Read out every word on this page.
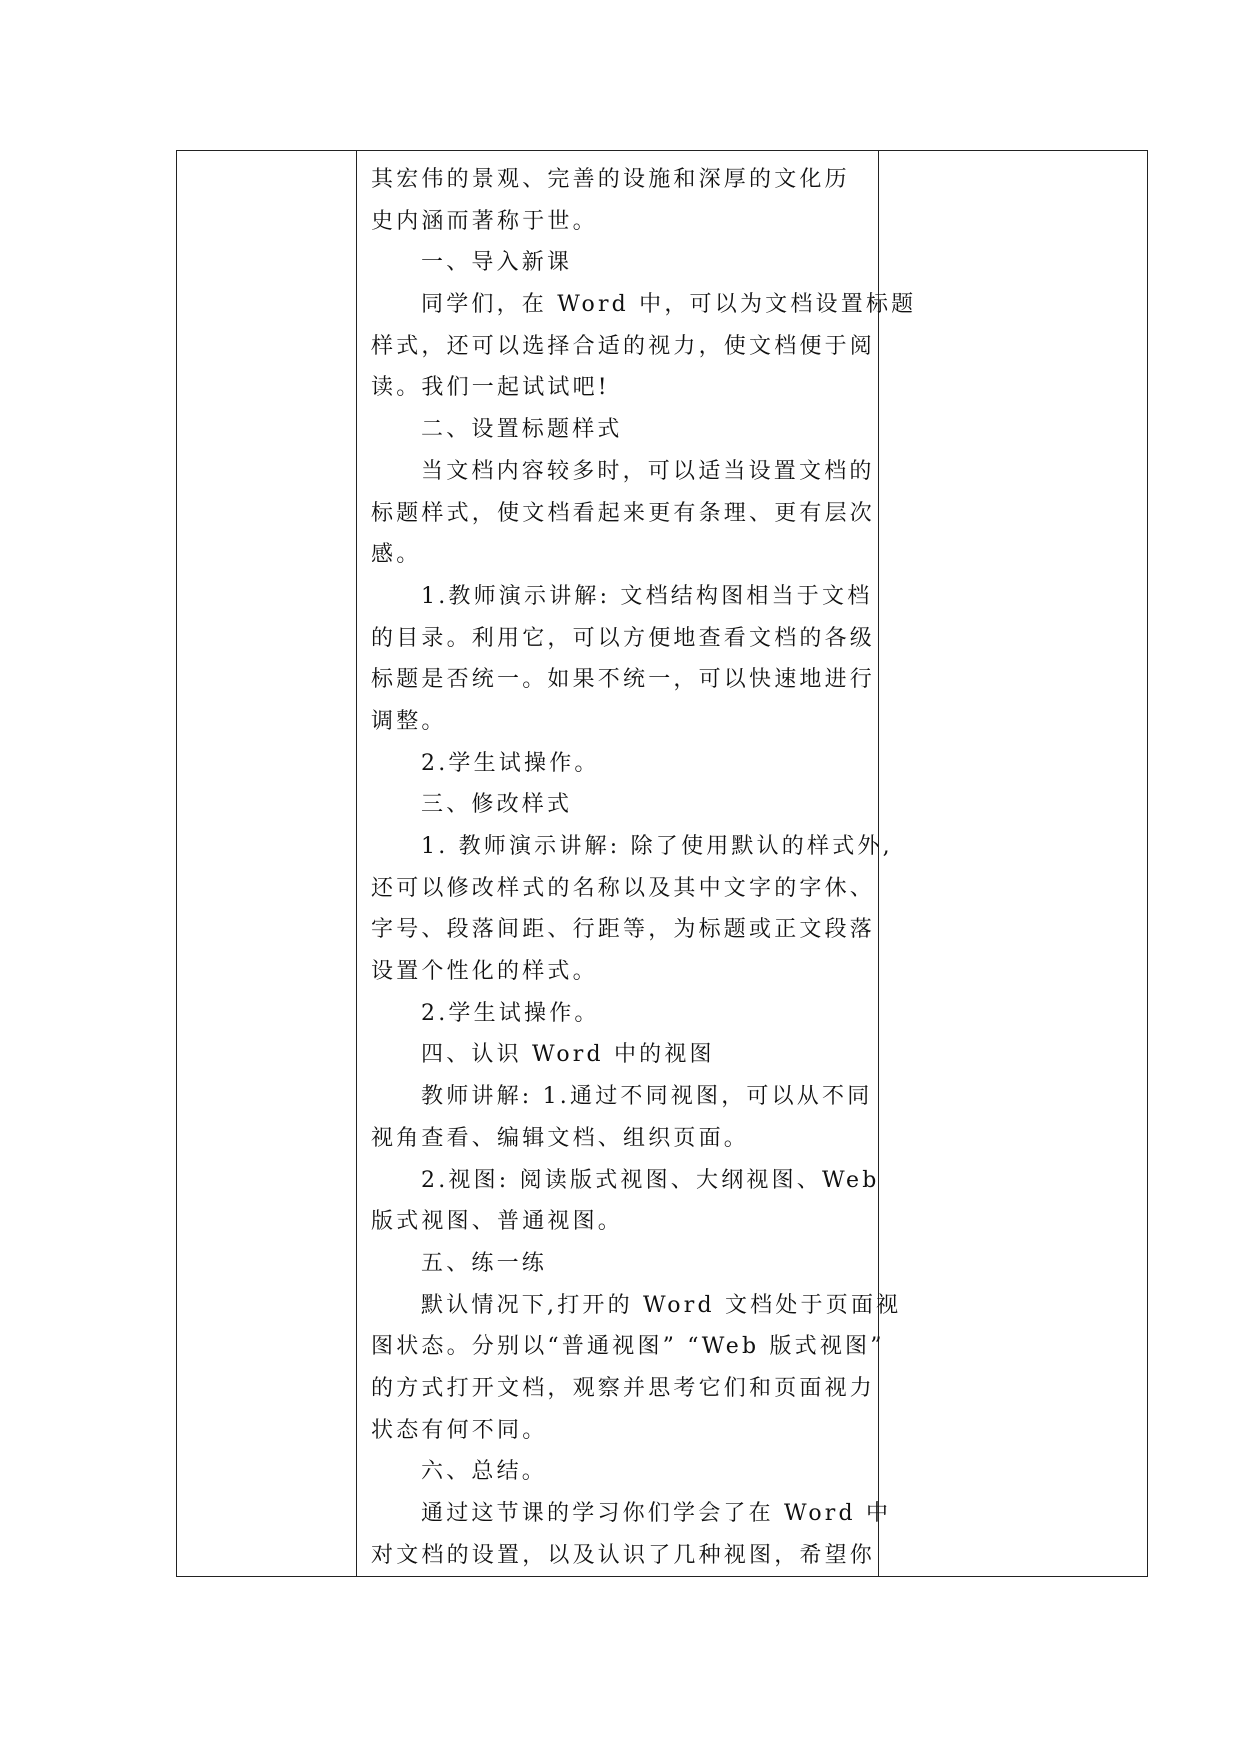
其宏伟的景观、完善的设施和深厚的文化历
史内涵而著称于世。
一、导入新课
同学们，在 Word 中，可以为文档设置标题
样式，还可以选择合适的视力，使文档便于阅
读。我们一起试试吧!
二、设置标题样式
当文档内容较多时，可以适当设置文档的
标题样式，使文档看起来更有条理、更有层次
感。
1.教师演示讲解: 文档结构图相当于文档
的目录。利用它，可以方便地查看文档的各级
标题是否统一。如果不统一，可以快速地进行
调整。
2.学生试操作。
三、修改样式
1. 教师演示讲解: 除了使用默认的样式外,
还可以修改样式的名称以及其中文字的字休、
字号、段落间距、行距等，为标题或正文段落
设置个性化的样式。
2.学生试操作。
四、认识 Word 中的视图
教师讲解: 1.通过不同视图，可以从不同
视角查看、编辑文档、组织页面。
2.视图: 阅读版式视图、大纲视图、Web
版式视图、普通视图。
五、练一练
默认情况下,打开的 Word 文档处于页面视
图状态。分别以“普通视图” “Web 版式视图”
的方式打开文档，观察并思考它们和页面视力
状态有何不同。
六、总结。
通过这节课的学习你们学会了在 Word 中
对文档的设置，以及认识了几种视图，希望你
